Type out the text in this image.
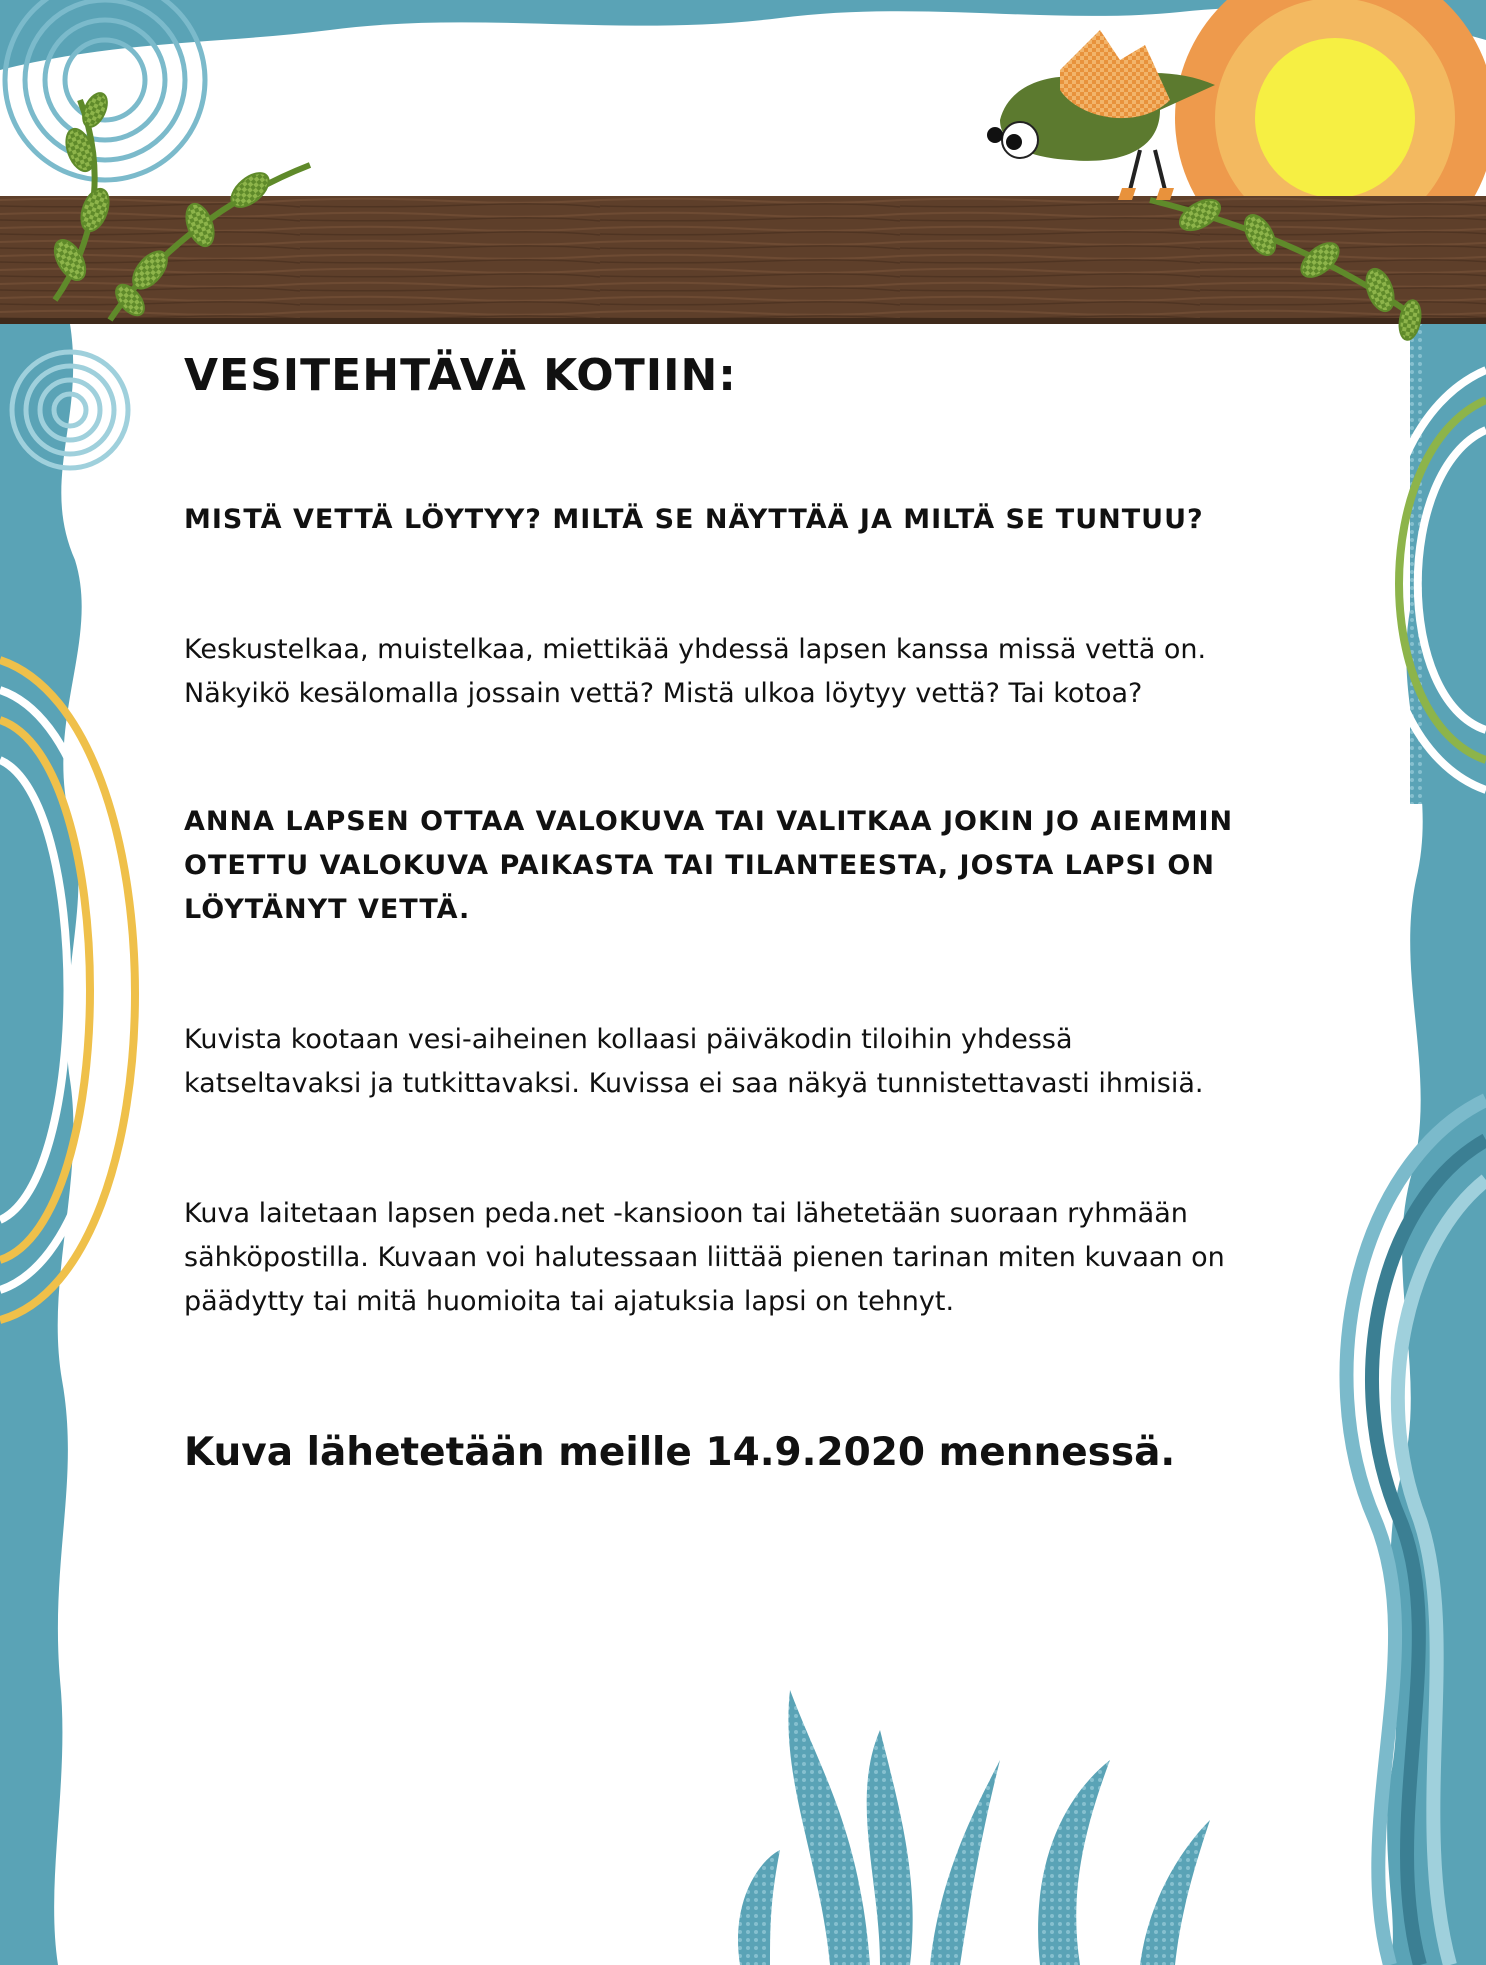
VESITEHTÄVÄ KOTIIN:

MISTÄ VETTÄ LÖYTYY? MILTÄ SE NÄYTTÄÄ JA MILTÄ SE TUNTUU?

Keskustelkaa, muistelkaa, miettikää yhdessä lapsen kanssa missä vettä on.
Näkyikö kesälomalla jossain vettä? Mistä ulkoa löytyy vettä? Tai kotoa?

ANNA LAPSEN OTTAA VALOKUVA TAI VALITKAA JOKIN JO AIEMMIN
OTETTU VALOKUVA PAIKASTA TAI TILANTEESTA, JOSTA LAPSI ON
LÖYTÄNYT VETTÄ.

Kuvista kootaan vesi-aiheinen kollaasi päiväkodin tiloihin yhdessä
katseltavaksi ja tutkittavaksi. Kuvissa ei saa näkyä tunnistettavasti ihmisiä.

Kuva laitetaan lapsen peda.net -kansioon tai lähetetään suoraan ryhmään
sähköpostilla. Kuvaan voi halutessaan liittää pienen tarinan miten kuvaan on
päädytty tai mitä huomioita tai ajatuksia lapsi on tehnyt.

Kuva lähetetään meille 14.9.2020 mennessä.
